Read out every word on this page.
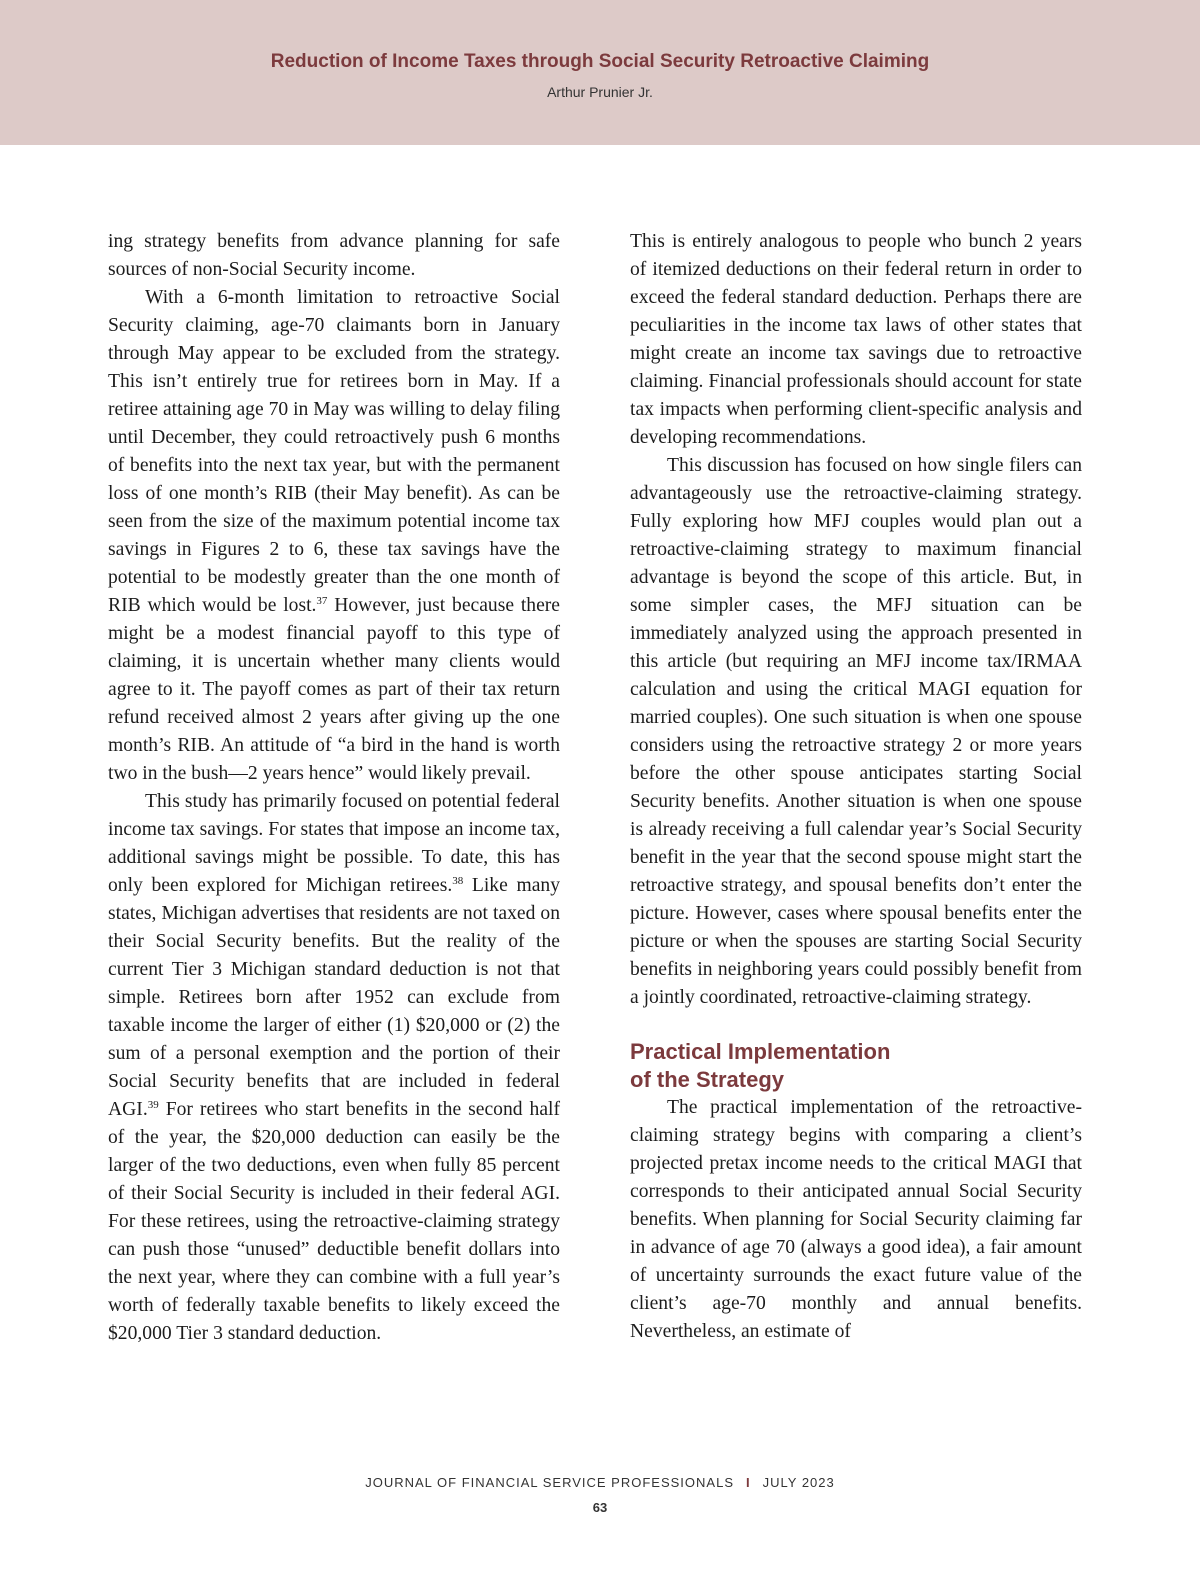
Reduction of Income Taxes through Social Security Retroactive Claiming
Arthur Prunier Jr.

ing strategy benefits from advance planning for safe sources of non-Social Security income.

With a 6-month limitation to retroactive Social Security claiming, age-70 claimants born in January through May appear to be excluded from the strategy. This isn’t entirely true for retirees born in May. If a retiree attaining age 70 in May was willing to delay filing until December, they could retroactively push 6 months of benefits into the next tax year, but with the permanent loss of one month’s RIB (their May benefit). As can be seen from the size of the maximum potential income tax savings in Figures 2 to 6, these tax savings have the potential to be modestly greater than the one month of RIB which would be lost.$^{37}$ However, just because there might be a modest financial payoff to this type of claiming, it is uncertain whether many clients would agree to it. The payoff comes as part of their tax return refund received almost 2 years after giving up the one month’s RIB. An attitude of “a bird in the hand is worth two in the bush—2 years hence” would likely prevail.

This study has primarily focused on potential federal income tax savings. For states that impose an income tax, additional savings might be possible. To date, this has only been explored for Michigan retirees.$^{38}$ Like many states, Michigan advertises that residents are not taxed on their Social Security benefits. But the reality of the current Tier 3 Michigan standard deduction is not that simple. Retirees born after 1952 can exclude from taxable income the larger of either (1) $20,000 or (2) the sum of a personal exemption and the portion of their Social Security benefits that are included in federal AGI.$^{39}$ For retirees who start benefits in the second half of the year, the $20,000 deduction can easily be the larger of the two deductions, even when fully 85 percent of their Social Security is included in their federal AGI. For these retirees, using the retroactive-claiming strategy can push those “unused” deductible benefit dollars into the next year, where they can combine with a full year’s worth of federally taxable benefits to likely exceed the $20,000 Tier 3 standard deduction.

This is entirely analogous to people who bunch 2 years of itemized deductions on their federal return in order to exceed the federal standard deduction. Perhaps there are peculiarities in the income tax laws of other states that might create an income tax savings due to retroactive claiming. Financial professionals should account for state tax impacts when performing client-specific analysis and developing recommendations.

This discussion has focused on how single filers can advantageously use the retroactive-claiming strategy. Fully exploring how MFJ couples would plan out a retroactive-claiming strategy to maximum financial advantage is beyond the scope of this article. But, in some simpler cases, the MFJ situation can be immediately analyzed using the approach presented in this article (but requiring an MFJ income tax/IRMAA calculation and using the critical MAGI equation for married couples). One such situation is when one spouse considers using the retroactive strategy 2 or more years before the other spouse anticipates starting Social Security benefits. Another situation is when one spouse is already receiving a full calendar year’s Social Security benefit in the year that the second spouse might start the retroactive strategy, and spousal benefits don’t enter the picture. However, cases where spousal benefits enter the picture or when the spouses are starting Social Security benefits in neighboring years could possibly benefit from a jointly coordinated, retroactive-claiming strategy.

Practical Implementation
of the Strategy

The practical implementation of the retroactive-claiming strategy begins with comparing a client’s projected pretax income needs to the critical MAGI that corresponds to their anticipated annual Social Security benefits. When planning for Social Security claiming far in advance of age 70 (always a good idea), a fair amount of uncertainty surrounds the exact future value of the client’s age-70 monthly and annual benefits. Nevertheless, an estimate of

JOURNAL OF FINANCIAL SERVICE PROFESSIONALS I JULY 2023
63
